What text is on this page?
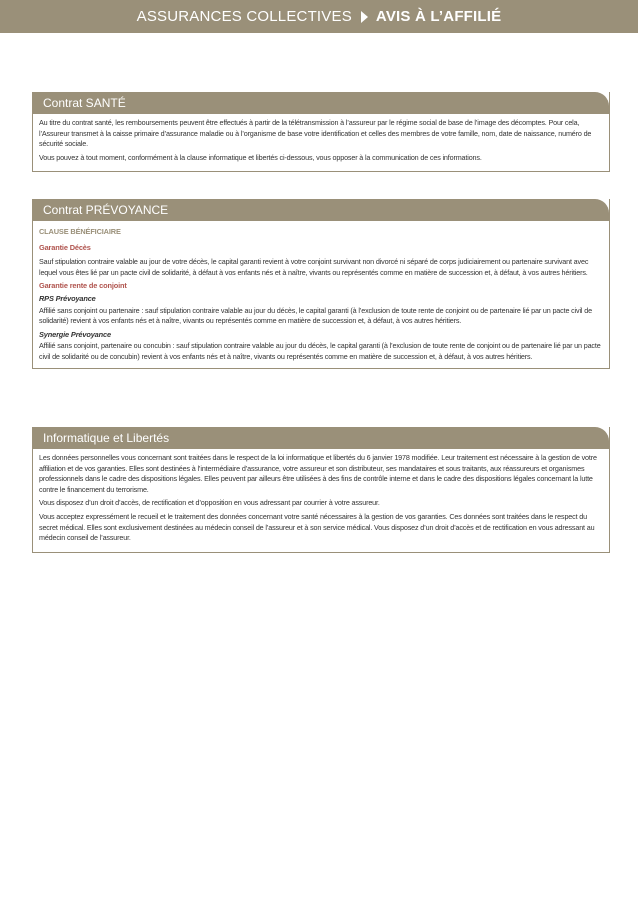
ASSURANCES COLLECTIVES AVIS À L’AFFILIÉ
Contrat SANTÉ

Au titre du contrat santé, les remboursements peuvent être effectués à partir de la télétransmission à l’assureur par le régime social de base de l’image des décomptes. Pour cela, l’Assureur transmet à la caisse primaire d’assurance maladie ou à l’organisme de base votre identification et celles des membres de votre famille, nom, date de naissance, numéro de sécurité sociale.

Vous pouvez à tout moment, conformément à la clause informatique et libertés ci-dessous, vous opposer à la communication de ces informations.

Contrat PRÉVOYANCE
CLAUSE BÉNÉFICIAIRE
Garantie Décès

Sauf stipulation contraire valable au jour de votre décès, le capital garanti revient à votre conjoint survivant non divorcé ni séparé de corps judiciairement ou partenaire survivant avec lequel vous êtes lié par un pacte civil de solidarité, à défaut à vos enfants nés et à naître, vivants ou représentés comme en matière de succession et, à défaut, à vos autres héritiers.

Garantie rente de conjoint
RPS Prévoyance

Affilié sans conjoint ou partenaire : sauf stipulation contraire valable au jour du décès, le capital garanti (à l’exclusion de toute rente de conjoint ou de partenaire lié par un pacte civil de solidarité) revient à vos enfants nés et à naître, vivants ou représentés comme en matière de succession et, à défaut, à vos autres héritiers.

Synergie Prévoyance

Affilié sans conjoint, partenaire ou concubin : sauf stipulation contraire valable au jour du décès, le capital garanti (à l’exclusion de toute rente de conjoint ou de partenaire lié par un pacte civil de solidarité ou de concubin) revient à vos enfants nés et à naître, vivants ou représentés comme en matière de succession et, à défaut, à vos autres héritiers.

Informatique et Libertés

Les données personnelles vous concernant sont traitées dans le respect de la loi informatique et libertés du 6 janvier 1978 modifiée. Leur traitement est nécessaire à la gestion de votre affiliation et de vos garanties. Elles sont destinées à l’intermédiaire d’assurance, votre assureur et son distributeur, ses mandataires et sous traitants, aux réassureurs et organismes professionnels dans le cadre des dispositions légales. Elles peuvent par ailleurs être utilisées à des fins de contrôle interne et dans le cadre des dispositions légales concernant la lutte contre le financement du terrorisme.

Vous disposez d’un droit d’accès, de rectification et d’opposition en vous adressant par courrier à votre assureur.

Vous acceptez expressément le recueil et le traitement des données concernant votre santé nécessaires à la gestion de vos garanties. Ces données sont traitées dans le respect du secret médical. Elles sont exclusivement destinées au médecin conseil de l’assureur et à son service médical. Vous disposez d’un droit d’accès et de rectification en vous adressant au médecin conseil de l’assureur.
